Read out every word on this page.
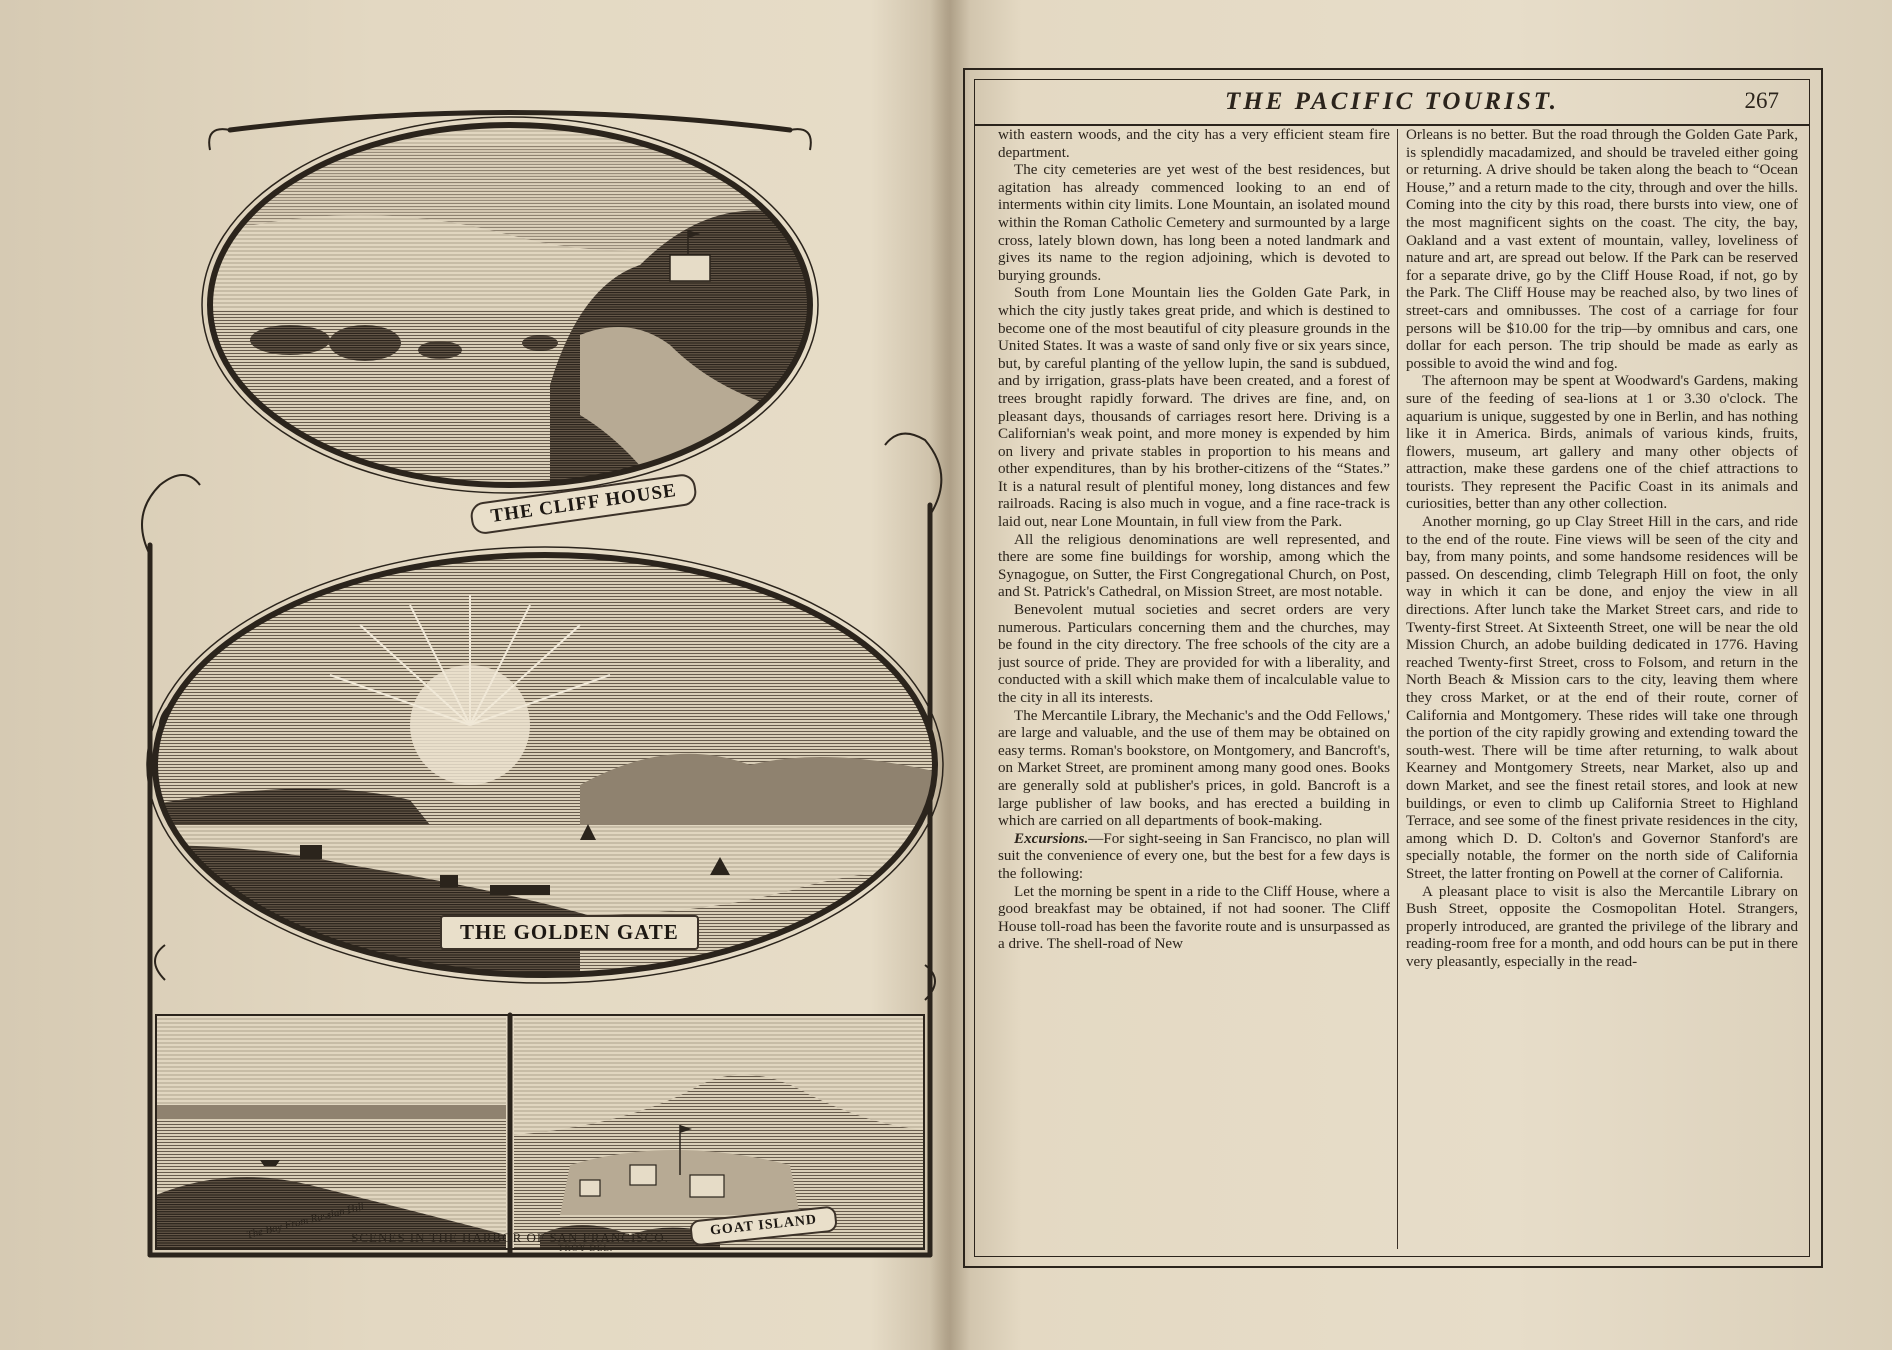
THE CLIFF HOUSE
THE GOLDEN GATE
The Bay From Russian Hill
TROY DEL.
GOAT ISLAND
SCENES IN THE HARBOR OF SAN FRANCISCO.
THE PACIFIC TOURIST.	267

with eastern woods, and the city has a very efficient steam fire department.

The city cemeteries are yet west of the best residences, but agitation has already commenced looking to an end of interments within city limits. Lone Mountain, an isolated mound within the Roman Catholic Cemetery and surmounted by a large cross, lately blown down, has long been a noted landmark and gives its name to the region adjoining, which is devoted to burying grounds.

South from Lone Mountain lies the Golden Gate Park, in which the city justly takes great pride, and which is destined to become one of the most beautiful of city pleasure grounds in the United States. It was a waste of sand only five or six years since, but, by careful planting of the yellow lupin, the sand is subdued, and by irrigation, grass-plats have been created, and a forest of trees brought rapidly forward. The drives are fine, and, on pleasant days, thousands of carriages resort here. Driving is a Californian's weak point, and more money is expended by him on livery and private stables in proportion to his means and other expenditures, than by his brother-citizens of the “States.” It is a natural result of plentiful money, long distances and few railroads. Racing is also much in vogue, and a fine race-track is laid out, near Lone Mountain, in full view from the Park.

All the religious denominations are well represented, and there are some fine buildings for worship, among which the Synagogue, on Sutter, the First Congregational Church, on Post, and St. Patrick's Cathedral, on Mission Street, are most notable.

Benevolent mutual societies and secret orders are very numerous. Particulars concerning them and the churches, may be found in the city directory. The free schools of the city are a just source of pride. They are provided for with a liberality, and conducted with a skill which make them of incalculable value to the city in all its interests.

The Mercantile Library, the Mechanic's and the Odd Fellows,' are large and valuable, and the use of them may be obtained on easy terms. Roman's bookstore, on Montgomery, and Bancroft's, on Market Street, are prominent among many good ones. Books are generally sold at publisher's prices, in gold. Bancroft is a large publisher of law books, and has erected a building in which are carried on all departments of book-making.

Excursions.—For sight-seeing in San Francisco, no plan will suit the convenience of every one, but the best for a few days is the following:

Let the morning be spent in a ride to the Cliff House, where a good breakfast may be obtained, if not had sooner. The Cliff House toll-road has been the favorite route and is unsurpassed as a drive. The shell-road of New

Orleans is no better. But the road through the Golden Gate Park, is splendidly macadamized, and should be traveled either going or returning. A drive should be taken along the beach to “Ocean House,” and a return made to the city, through and over the hills. Coming into the city by this road, there bursts into view, one of the most magnificent sights on the coast. The city, the bay, Oakland and a vast extent of mountain, valley, loveliness of nature and art, are spread out below. If the Park can be reserved for a separate drive, go by the Cliff House Road, if not, go by the Park. The Cliff House may be reached also, by two lines of street-cars and omnibusses. The cost of a carriage for four persons will be $10.00 for the trip—by omnibus and cars, one dollar for each person. The trip should be made as early as possible to avoid the wind and fog.

The afternoon may be spent at Woodward's Gardens, making sure of the feeding of sea-lions at 1 or 3.30 o'clock. The aquarium is unique, suggested by one in Berlin, and has nothing like it in America. Birds, animals of various kinds, fruits, flowers, museum, art gallery and many other objects of attraction, make these gardens one of the chief attractions to tourists. They represent the Pacific Coast in its animals and curiosities, better than any other collection.

Another morning, go up Clay Street Hill in the cars, and ride to the end of the route. Fine views will be seen of the city and bay, from many points, and some handsome residences will be passed. On descending, climb Telegraph Hill on foot, the only way in which it can be done, and enjoy the view in all directions. After lunch take the Market Street cars, and ride to Twenty-first Street. At Sixteenth Street, one will be near the old Mission Church, an adobe building dedicated in 1776. Having reached Twenty-first Street, cross to Folsom, and return in the North Beach & Mission cars to the city, leaving them where they cross Market, or at the end of their route, corner of California and Montgomery. These rides will take one through the portion of the city rapidly growing and extending toward the south-west. There will be time after returning, to walk about Kearney and Montgomery Streets, near Market, also up and down Market, and see the finest retail stores, and look at new buildings, or even to climb up California Street to Highland Terrace, and see some of the finest private residences in the city, among which D. D. Colton's and Governor Stanford's are specially notable, the former on the north side of California Street, the latter fronting on Powell at the corner of California.

A pleasant place to visit is also the Mercantile Library on Bush Street, opposite the Cosmopolitan Hotel. Strangers, properly introduced, are granted the privilege of the library and reading-room free for a month, and odd hours can be put in there very pleasantly, especially in the read-
